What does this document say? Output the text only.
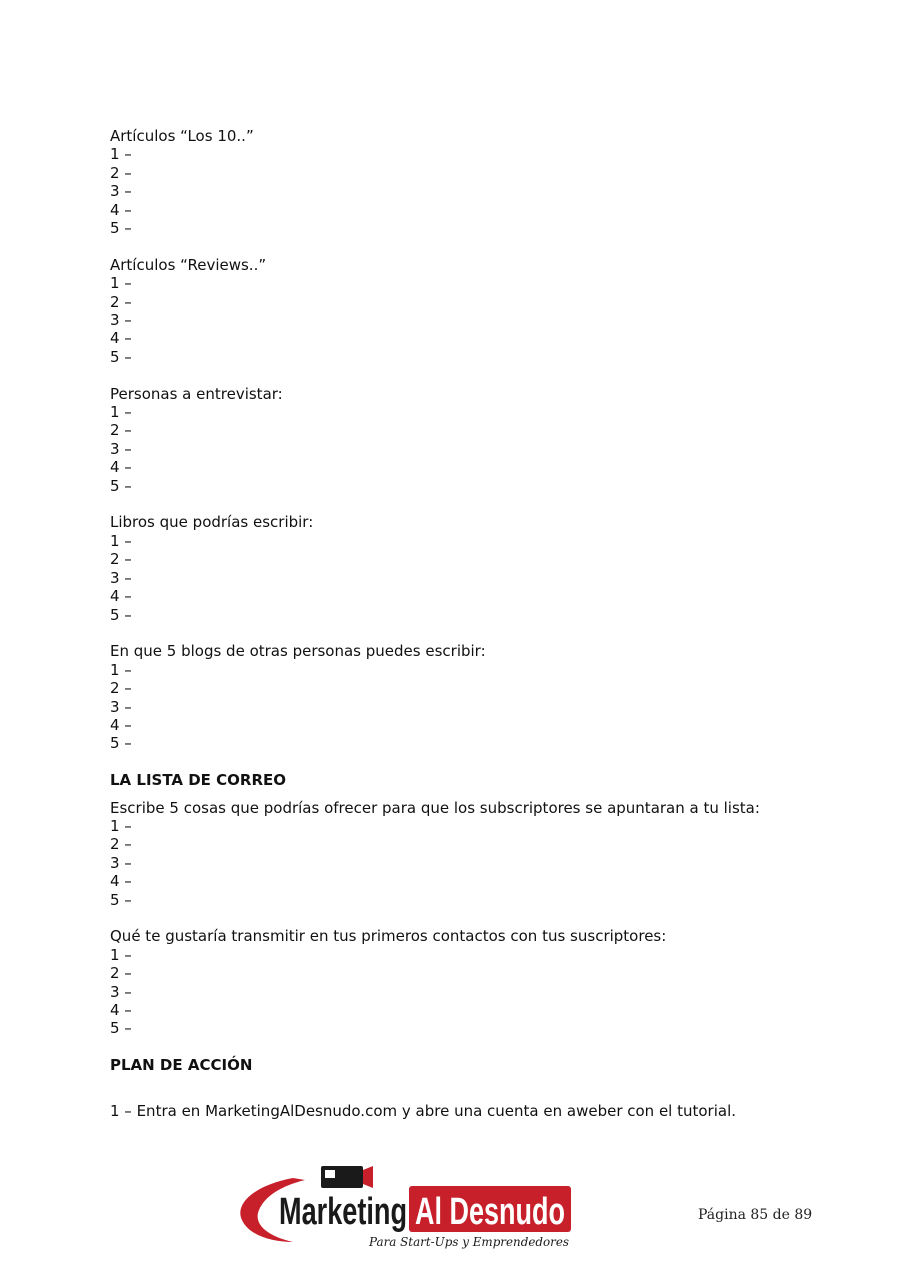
Artículos “Los 10..”
1 –
2 –
3 –
4 –
5 –
Artículos “Reviews..”
1 –
2 –
3 –
4 –
5 –
Personas a entrevistar:
1 –
2 –
3 –
4 –
5 –
Libros que podrías escribir:
1 –
2 –
3 –
4 –
5 –
En que 5 blogs de otras personas puedes escribir:
1 –
2 –
3 –
4 –
5 –
LA LISTA DE CORREO
Escribe 5 cosas que podrías ofrecer para que los subscriptores se apuntaran a tu lista:
1 –
2 –
3 –
4 –
5 –
Qué te gustaría transmitir en tus primeros contactos con tus suscriptores:
1 –
2 –
3 –
4 –
5 –
PLAN DE ACCIÓN
1 – Entra en MarketingAlDesnudo.com y abre una cuenta en aweber con el tutorial.
Marketing Al Desnudo
Para Start-Ups y Emprendedores
Página 85 de 89
